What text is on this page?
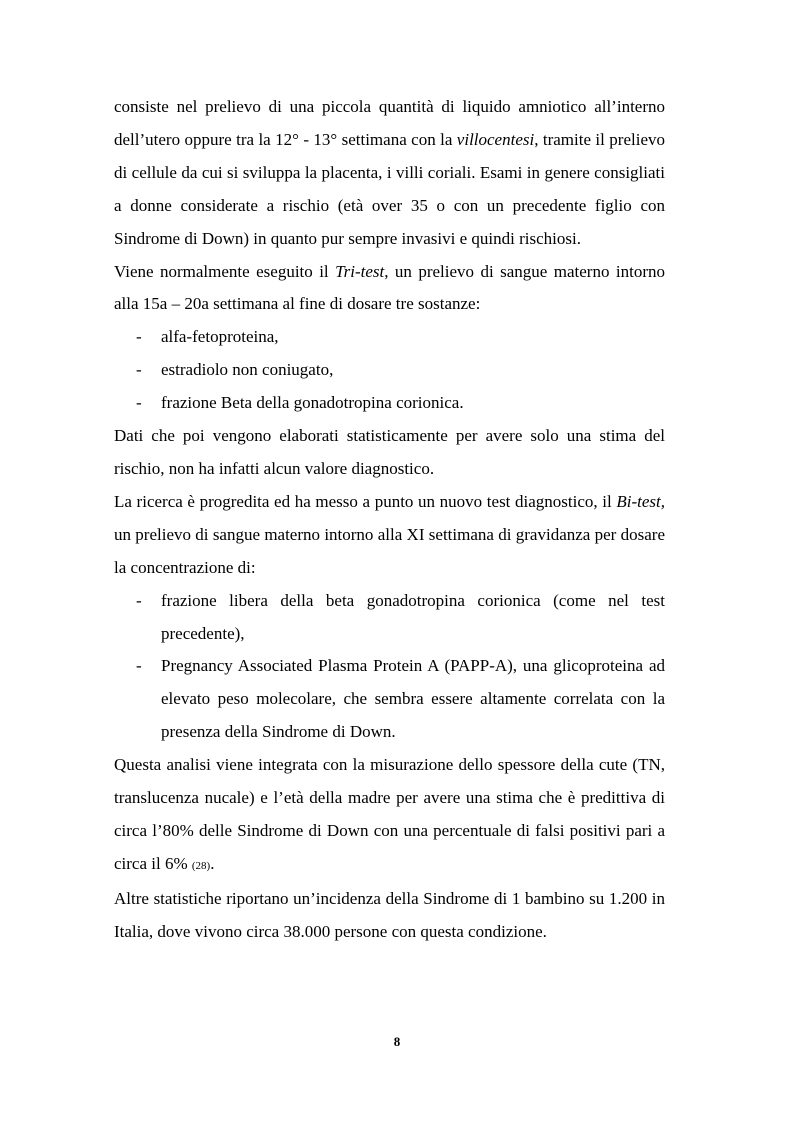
consiste nel prelievo di una piccola quantità di liquido amniotico all’interno dell’utero oppure tra la 12° - 13° settimana con la villocentesi, tramite il prelievo di cellule da cui si sviluppa la placenta, i villi coriali. Esami in genere consigliati a donne considerate a rischio (età over 35 o con un precedente figlio con Sindrome di Down) in quanto pur sempre invasivi e quindi rischiosi.

Viene normalmente eseguito il Tri-test, un prelievo di sangue materno intorno alla 15a – 20a settimana al fine di dosare tre sostanze:

- alfa-fetoproteina,
- estradiolo non coniugato,
- frazione Beta della gonadotropina corionica.

Dati che poi vengono elaborati statisticamente per avere solo una stima del rischio, non ha infatti alcun valore diagnostico.

La ricerca è progredita ed ha messo a punto un nuovo test diagnostico, il Bi-test, un prelievo di sangue materno intorno alla XI settimana di gravidanza per dosare la concentrazione di:

- frazione libera della beta gonadotropina corionica (come nel test precedente),
- Pregnancy Associated Plasma Protein A (PAPP-A), una glicoproteina ad elevato peso molecolare, che sembra essere altamente correlata con la presenza della Sindrome di Down.

Questa analisi viene integrata con la misurazione dello spessore della cute (TN, translucenza nucale) e l’età della madre per avere una stima che è predittiva di circa l’80% delle Sindrome di Down con una percentuale di falsi positivi pari a circa il 6% (28).

Altre statistiche riportano un’incidenza della Sindrome di 1 bambino su 1.200 in Italia, dove vivono circa 38.000 persone con questa condizione.

8
